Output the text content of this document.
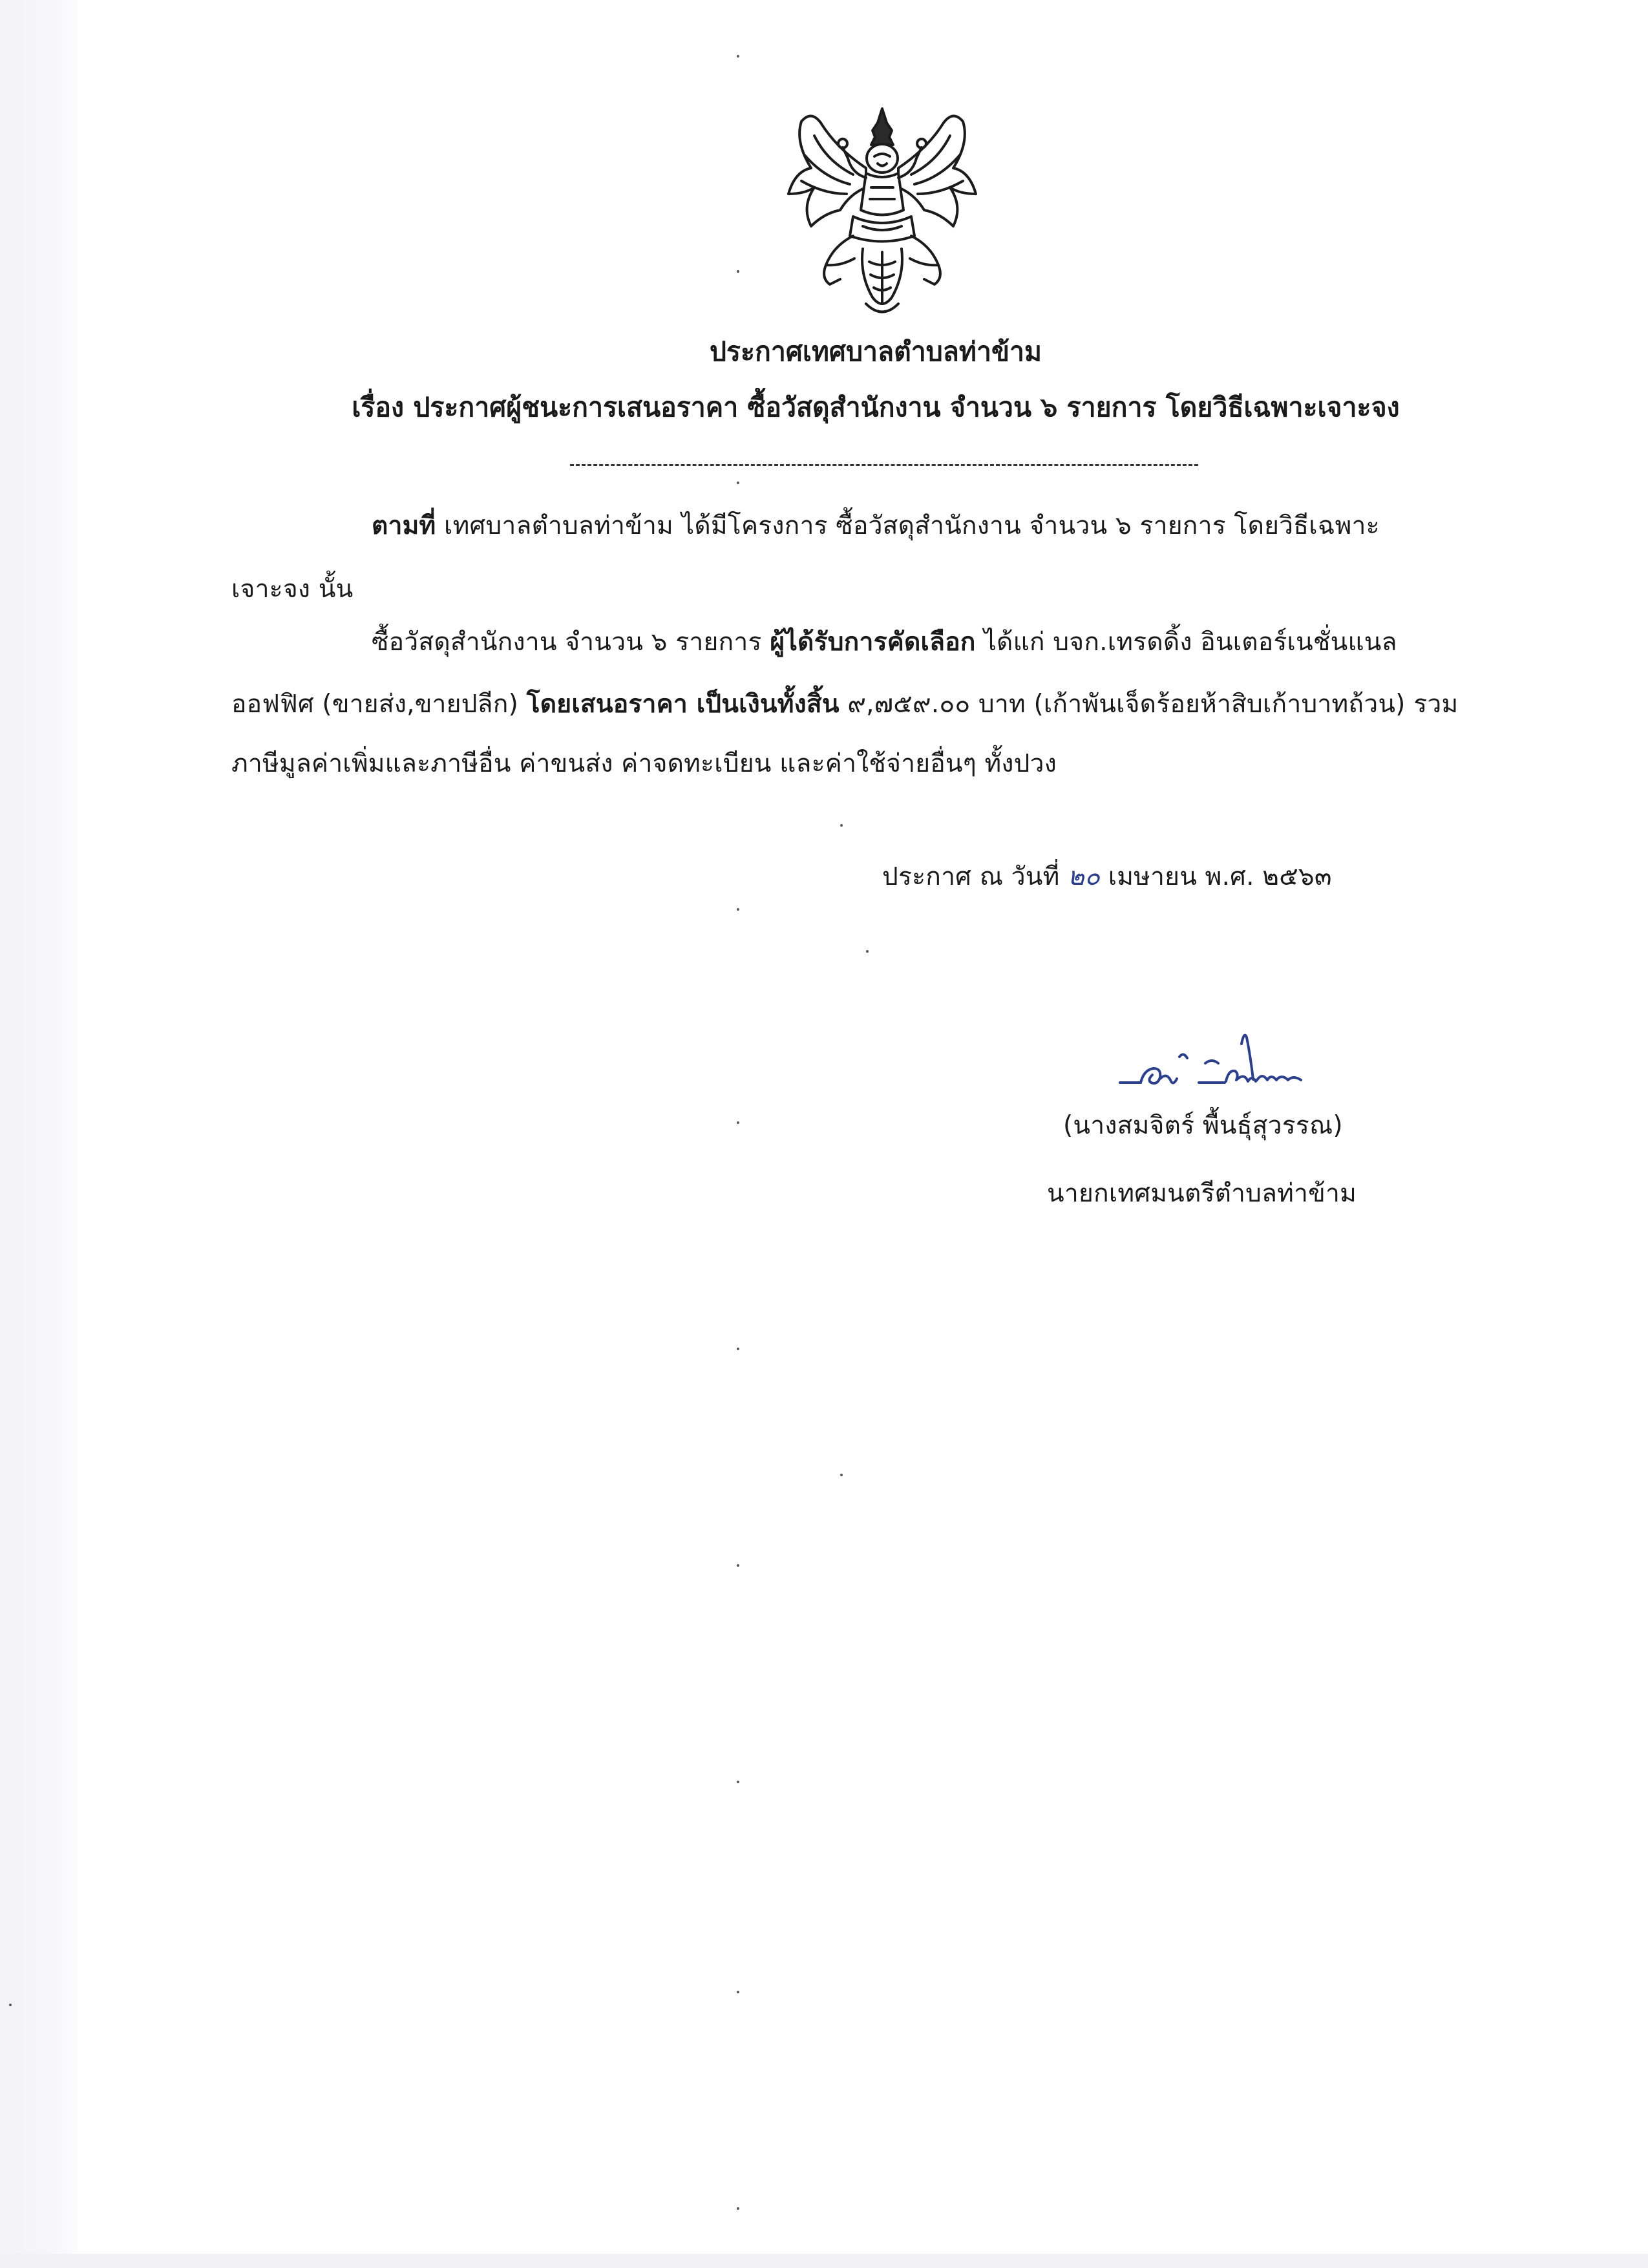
ประกาศเทศบาลตำบลท่าข้าม
เรื่อง ประกาศผู้ชนะการเสนอราคา ซื้อวัสดุสำนักงาน จำนวน ๖ รายการ โดยวิธีเฉพาะเจาะจง
ตามที่ เทศบาลตำบลท่าข้าม ได้มีโครงการ ซื้อวัสดุสำนักงาน จำนวน ๖ รายการ โดยวิธีเฉพาะ
เจาะจง นั้น
ซื้อวัสดุสำนักงาน จำนวน ๖ รายการ ผู้ได้รับการคัดเลือก ได้แก่ บจก.เทรดดิ้ง อินเตอร์เนชั่นแนล
ออฟฟิศ (ขายส่ง,ขายปลีก) โดยเสนอราคา เป็นเงินทั้งสิ้น ๙,๗๕๙.๐๐ บาท (เก้าพันเจ็ดร้อยห้าสิบเก้าบาทถ้วน) รวม
ภาษีมูลค่าเพิ่มและภาษีอื่น ค่าขนส่ง ค่าจดทะเบียน และค่าใช้จ่ายอื่นๆ ทั้งปวง
ประกาศ ณ วันที่ ๒๐ เมษายน พ.ศ. ๒๕๖๓
(นางสมจิตร์ พื้นธุ์สุวรรณ)
นายกเทศมนตรีตำบลท่าข้าม
